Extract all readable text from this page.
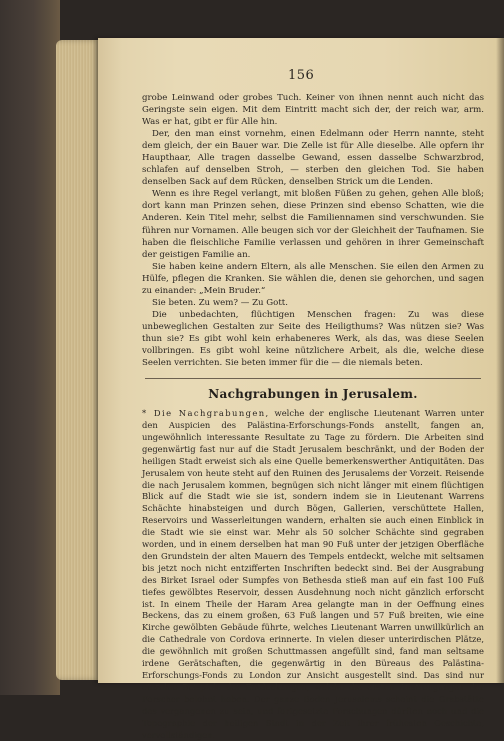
156

grobe Leinwand oder grobes Tuch. Keiner von ihnen nennt auch nicht das Geringste sein eigen. Mit dem Eintritt macht sich der, der reich war, arm. Was er hat, gibt er für Alle hin.

Der, den man einst vornehm, einen Edelmann oder Herrn nannte, steht dem gleich, der ein Bauer war. Die Zelle ist für Alle dieselbe. Alle opfern ihr Haupthaar, Alle tragen dasselbe Gewand, essen dasselbe Schwarzbrod, schlafen auf denselben Stroh, — sterben den gleichen Tod. Sie haben denselben Sack auf dem Rücken, denselben Strick um die Lenden.

Wenn es ihre Regel verlangt, mit bloßen Füßen zu gehen, gehen Alle bloß; dort kann man Prinzen sehen, diese Prinzen sind ebenso Schatten, wie die Anderen. Kein Titel mehr, selbst die Familiennamen sind verschwunden. Sie führen nur Vornamen. Alle beugen sich vor der Gleichheit der Taufnamen. Sie haben die fleischliche Familie verlassen und gehören in ihrer Gemeinschaft der geistigen Familie an.

Sie haben keine andern Eltern, als alle Menschen. Sie eilen den Armen zu Hülfe, pflegen die Kranken. Sie wählen die, denen sie gehorchen, und sagen zu einander: „Mein Bruder.“

Sie beten. Zu wem? — Zu Gott.

Die unbedachten, flüchtigen Menschen fragen: Zu was diese unbeweglichen Gestalten zur Seite des Heiligthums? Was nützen sie? Was thun sie? Es gibt wohl kein erhabeneres Werk, als das, was diese Seelen vollbringen. Es gibt wohl keine nützlichere Arbeit, als die, welche diese Seelen verrichten. Sie beten immer für die — die niemals beten.

Nachgrabungen in Jerusalem.

* Die Nachgrabungen, welche der englische Lieutenant Warren unter den Auspicien des Palästina-Erforschungs-Fonds anstellt, fangen an, ungewöhnlich interessante Resultate zu Tage zu fördern. Die Arbeiten sind gegenwärtig fast nur auf die Stadt Jerusalem beschränkt, und der Boden der heiligen Stadt erweist sich als eine Quelle bemerkenswerther Antiquitäten. Das Jerusalem von heute steht auf den Ruinen des Jerusalems der Vorzeit. Reisende die nach Jerusalem kommen, begnügen sich nicht länger mit einem flüchtigen Blick auf die Stadt wie sie ist, sondern indem sie in Lieutenant Warrens Schächte hinabsteigen und durch Bögen, Gallerien, verschüttete Hallen, Reservoirs und Wasserleitungen wandern, erhalten sie auch einen Einblick in die Stadt wie sie einst war. Mehr als 50 solcher Schächte sind gegraben worden, und in einem derselben hat man 90 Fuß unter der jetzigen Oberfläche den Grundstein der alten Mauern des Tempels entdeckt, welche mit seltsamen bis jetzt noch nicht entzifferten Inschriften bedeckt sind. Bei der Ausgrabung des Birket Israel oder Sumpfes von Bethesda stieß man auf ein fast 100 Fuß tiefes gewölbtes Reservoir, dessen Ausdehnung noch nicht gänzlich erforscht ist. In einem Theile der Haram Area gelangte man in der Oeffnung eines Beckens, das zu einem großen, 63 Fuß langen und 57 Fuß breiten, wie eine Kirche gewölbten Gebäude führte, welches Lieutenant Warren unwillkürlich an die Cathedrale von Cordova erinnerte. In vielen dieser unterirdischen Plätze, die gewöhnlich mit großen Schuttmassen angefüllt sind, fand man seltsame irdene Gerätschaften, die gegenwärtig in den Büreaus des Palästina-Erforschungs-Fonds zu London zur Ansicht ausgestellt sind. Das sind nur einzelne Beispiele der Entdeckungen, welche die ersten Anstrengungen der Forscher belohnt haben. Der ganze Boden Jerusalems scheint die Grabstätte des vergangenen zu sein, und fortgesetzte Forschungen dürften noch und die Topographie der heiligen Stadt in der Zeit ihrer frühesten Geschichte, vervollständigen.
